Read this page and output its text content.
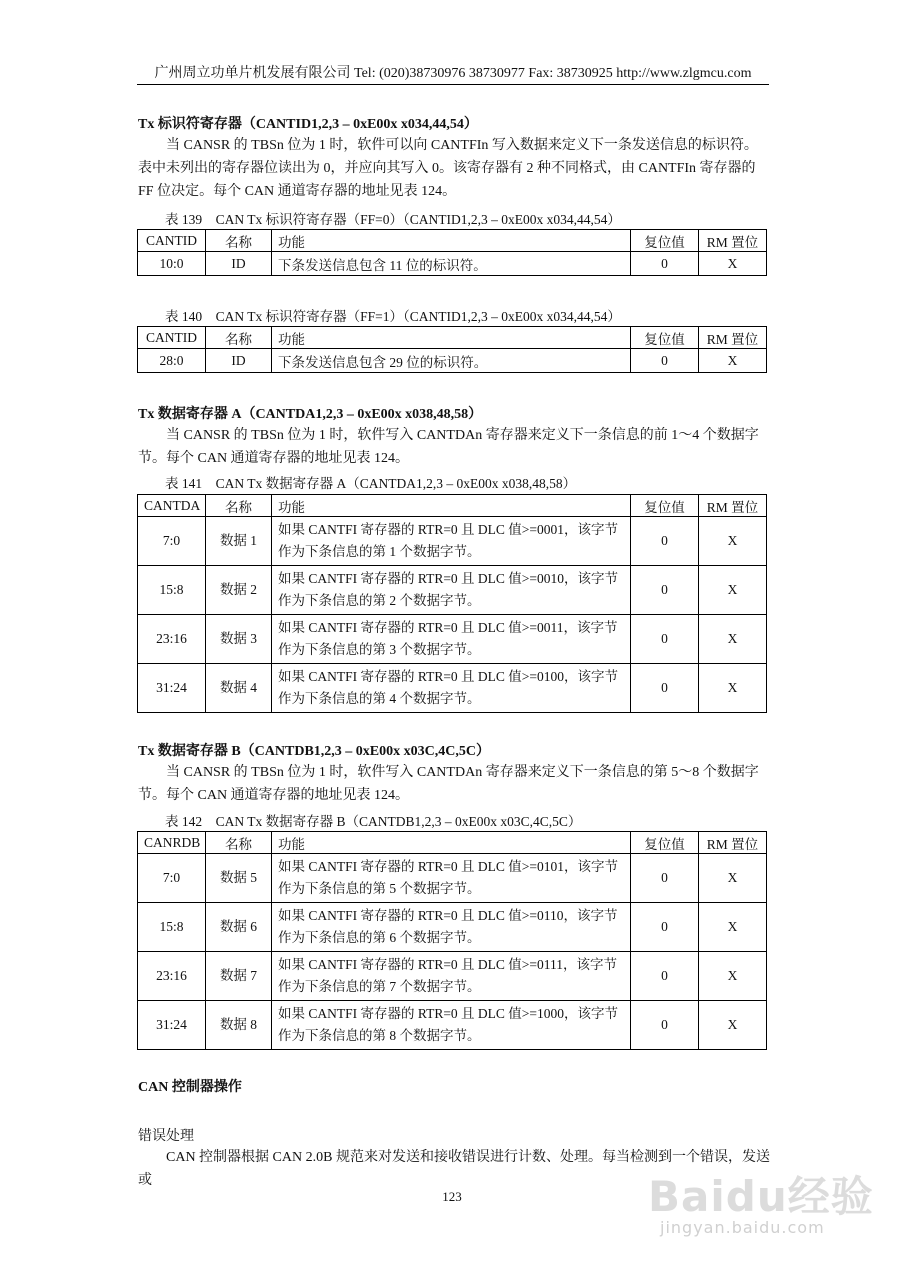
广州周立功单片机发展有限公司 Tel: (020)38730976 38730977 Fax: 38730925 http://www.zlgmcu.com
Tx 标识符寄存器（CANTID1,2,3 – 0xE00x x034,44,54）

当 CANSR 的 TBSn 位为 1 时，软件可以向 CANTFIn 写入数据来定义下一条发送信息的标识符。表中未列出的寄存器位读出为 0，并应向其写入 0。该寄存器有 2 种不同格式，由 CANTFIn 寄存器的 FF 位决定。每个 CAN 通道寄存器的地址见表 124。

表 139　CAN Tx 标识符寄存器（FF=0）（CANTID1,2,3 – 0xE00x x034,44,54）
CANTID	名称	功能	复位值	RM 置位
10:0	ID	下条发送信息包含 11 位的标识符。	0	X
表 140　CAN Tx 标识符寄存器（FF=1）（CANTID1,2,3 – 0xE00x x034,44,54）
CANTID	名称	功能	复位值	RM 置位
28:0	ID	下条发送信息包含 29 位的标识符。	0	X
Tx 数据寄存器 A（CANTDA1,2,3 – 0xE00x x038,48,58）

当 CANSR 的 TBSn 位为 1 时，软件写入 CANTDAn 寄存器来定义下一条信息的前 1～4 个数据字节。每个 CAN 通道寄存器的地址见表 124。

表 141　CAN Tx 数据寄存器 A（CANTDA1,2,3 – 0xE00x x038,48,58）
CANTDA	名称	功能	复位值	RM 置位
7:0	数据 1	如果 CANTFI 寄存器的 RTR=0 且 DLC 值>=0001，该字节作为下条信息的第 1 个数据字节。	0	X
15:8	数据 2	如果 CANTFI 寄存器的 RTR=0 且 DLC 值>=0010，该字节作为下条信息的第 2 个数据字节。	0	X
23:16	数据 3	如果 CANTFI 寄存器的 RTR=0 且 DLC 值>=0011，该字节作为下条信息的第 3 个数据字节。	0	X
31:24	数据 4	如果 CANTFI 寄存器的 RTR=0 且 DLC 值>=0100，该字节作为下条信息的第 4 个数据字节。	0	X
Tx 数据寄存器 B（CANTDB1,2,3 – 0xE00x x03C,4C,5C）

当 CANSR 的 TBSn 位为 1 时，软件写入 CANTDAn 寄存器来定义下一条信息的第 5～8 个数据字节。每个 CAN 通道寄存器的地址见表 124。

表 142　CAN Tx 数据寄存器 B（CANTDB1,2,3 – 0xE00x x03C,4C,5C）
CANRDB	名称	功能	复位值	RM 置位
7:0	数据 5	如果 CANTFI 寄存器的 RTR=0 且 DLC 值>=0101，该字节作为下条信息的第 5 个数据字节。	0	X
15:8	数据 6	如果 CANTFI 寄存器的 RTR=0 且 DLC 值>=0110，该字节作为下条信息的第 6 个数据字节。	0	X
23:16	数据 7	如果 CANTFI 寄存器的 RTR=0 且 DLC 值>=0111，该字节作为下条信息的第 7 个数据字节。	0	X
31:24	数据 8	如果 CANTFI 寄存器的 RTR=0 且 DLC 值>=1000，该字节作为下条信息的第 8 个数据字节。	0	X
CAN 控制器操作
错误处理

CAN 控制器根据 CAN 2.0B 规范来对发送和接收错误进行计数、处理。每当检测到一个错误，发送或

123	Baidu经验
jingyan.baidu.com
